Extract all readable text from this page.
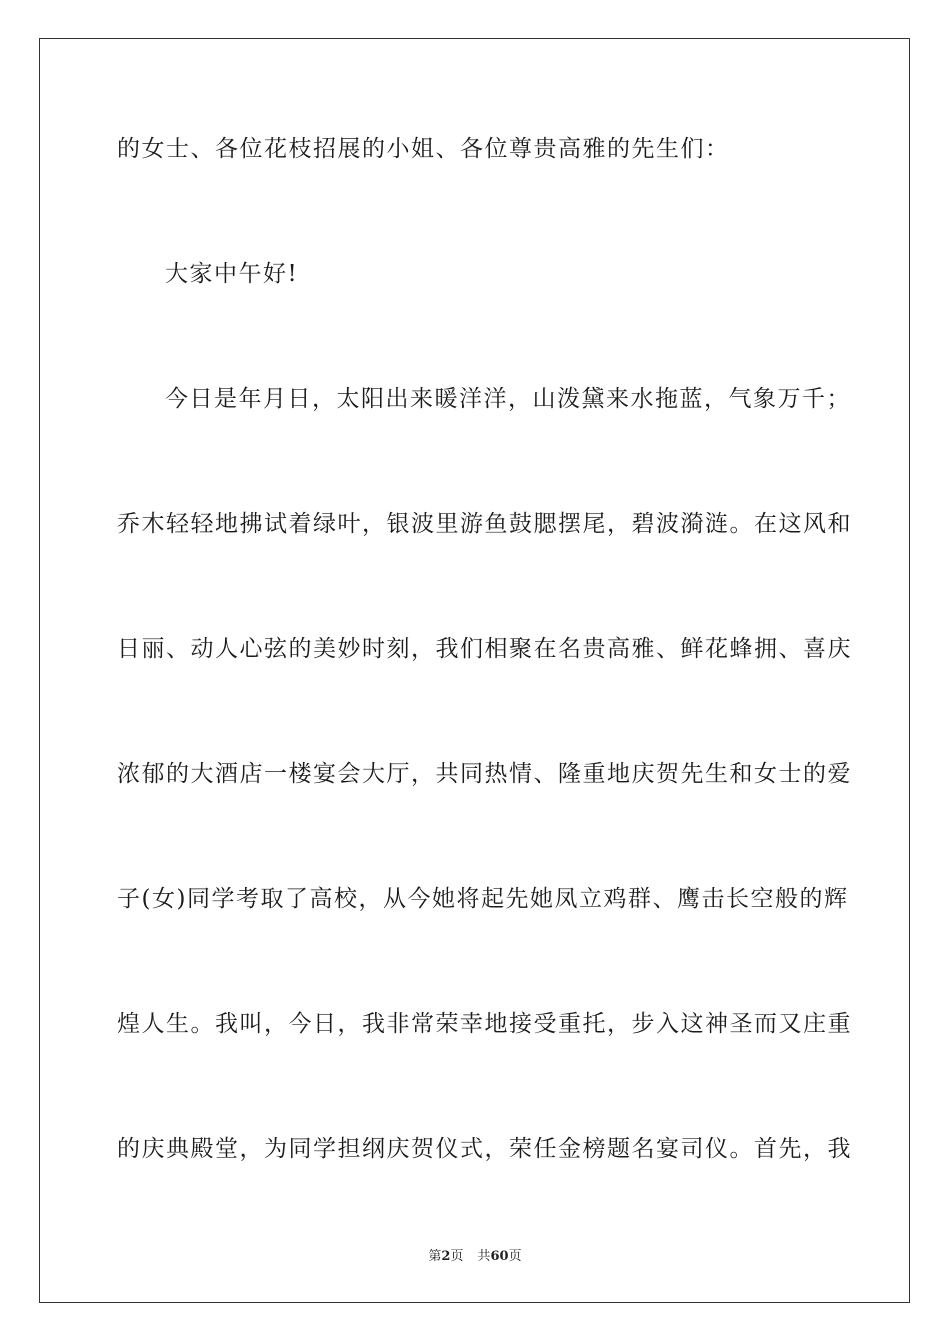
的女士、各位花枝招展的小姐、各位尊贵高雅的先生们：
大家中午好!
今日是年月日，太阳出来暖洋洋，山泼黛来水拖蓝，气象万千；
乔木轻轻地拂试着绿叶，银波里游鱼鼓腮摆尾，碧波漪涟。在这风和
日丽、动人心弦的美妙时刻，我们相聚在名贵高雅、鲜花蜂拥、喜庆
浓郁的大酒店一楼宴会大厅，共同热情、隆重地庆贺先生和女士的爱
子(女)同学考取了高校，从今她将起先她凤立鸡群、鹰击长空般的辉
煌人生。我叫，今日，我非常荣幸地接受重托，步入这神圣而又庄重
的庆典殿堂，为同学担纲庆贺仪式，荣任金榜题名宴司仪。首先，我
第2页 共60页
